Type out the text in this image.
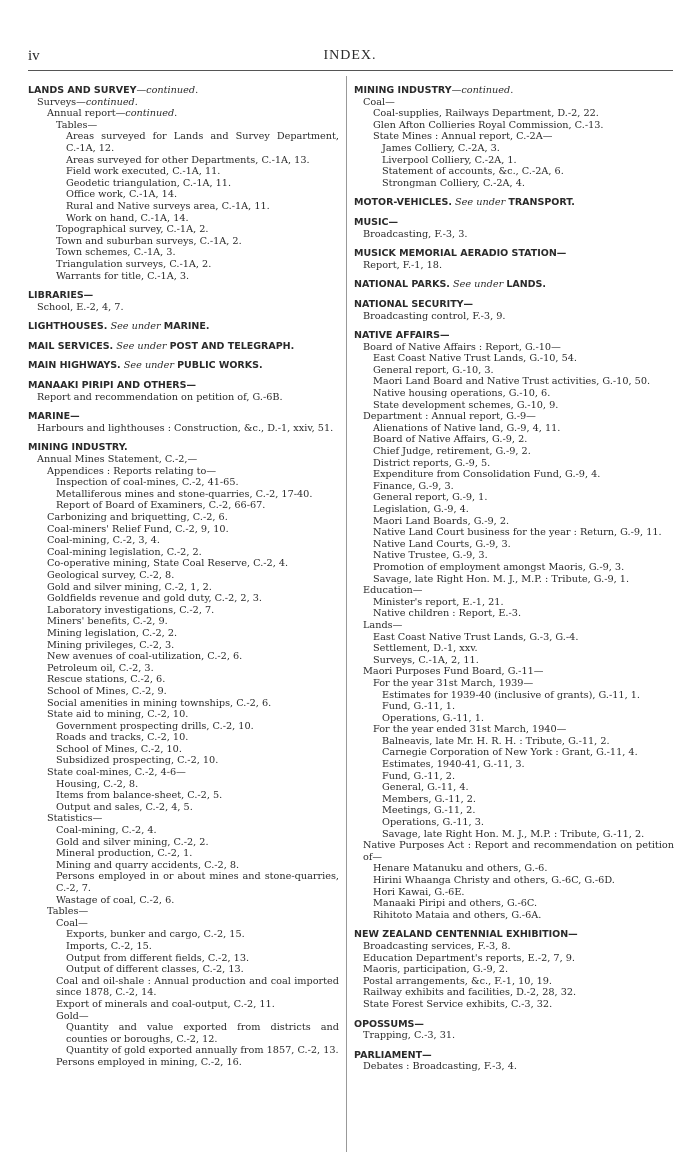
iv	INDEX.
LANDS AND SURVEY—continued.
Surveys—continued.
Annual report—continued.
Tables—
Areas surveyed for Lands and Survey Department, C.-1A, 12.
Areas surveyed for other Departments, C.-1A, 13.
Field work executed, C.-1A, 11.
Geodetic triangulation, C.-1A, 11.
Office work, C.-1A, 14.
Rural and Native surveys area, C.-1A, 11.
Work on hand, C.-1A, 14.
Topographical survey, C.-1A, 2.
Town and suburban surveys, C.-1A, 2.
Town schemes, C.-1A, 3.
Triangulation surveys, C.-1A, 2.
Warrants for title, C.-1A, 3.
LIBRARIES—
School, E.-2, 4, 7.
LIGHTHOUSES. See under MARINE.
MAIL SERVICES. See under POST AND TELEGRAPH.
MAIN HIGHWAYS. See under PUBLIC WORKS.
MANAAKI PIRIPI AND OTHERS—
Report and recommendation on petition of, G.-6B.
MARINE—
Harbours and lighthouses : Construction, &c., D.-1, xxiv, 51.
MINING INDUSTRY.
Annual Mines Statement, C.-2,—
Appendices : Reports relating to—
Inspection of coal-mines, C.-2, 41-65.
Metalliferous mines and stone-quarries, C.-2, 17-40.
Report of Board of Examiners, C.-2, 66-67.
Carbonizing and briquetting, C.-2, 6.
Coal-miners' Relief Fund, C.-2, 9, 10.
Coal-mining, C.-2, 3, 4.
Coal-mining legislation, C.-2, 2.
Co-operative mining, State Coal Reserve, C.-2, 4.
Geological survey, C.-2, 8.
Gold and silver mining, C.-2, 1, 2.
Goldfields revenue and gold duty, C.-2, 2, 3.
Laboratory investigations, C.-2, 7.
Miners' benefits, C.-2, 9.
Mining legislation, C.-2, 2.
Mining privileges, C.-2, 3.
New avenues of coal-utilization, C.-2, 6.
Petroleum oil, C.-2, 3.
Rescue stations, C.-2, 6.
School of Mines, C.-2, 9.
Social amenities in mining townships, C.-2, 6.
State aid to mining, C.-2, 10.
Government prospecting drills, C.-2, 10.
Roads and tracks, C.-2, 10.
School of Mines, C.-2, 10.
Subsidized prospecting, C.-2, 10.
State coal-mines, C.-2, 4-6—
Housing, C.-2, 8.
Items from balance-sheet, C.-2, 5.
Output and sales, C.-2, 4, 5.
Statistics—
Coal-mining, C.-2, 4.
Gold and silver mining, C.-2, 2.
Mineral production, C.-2, 1.
Mining and quarry accidents, C.-2, 8.
Persons employed in or about mines and stone-quarries, C.-2, 7.
Wastage of coal, C.-2, 6.
Tables—
Coal—
Exports, bunker and cargo, C.-2, 15.
Imports, C.-2, 15.
Output from different fields, C.-2, 13.
Output of different classes, C.-2, 13.
Coal and oil-shale : Annual production and coal imported since 1878, C.-2, 14.
Export of minerals and coal-output, C.-2, 11.
Gold—
Quantity and value exported from districts and counties or boroughs, C.-2, 12.
Quantity of gold exported annually from 1857, C.-2, 13.
Persons employed in mining, C.-2, 16.
MINING INDUSTRY—continued.
Coal—
Coal-supplies, Railways Department, D.-2, 22.
Glen Afton Collieries Royal Commission, C.-13.
State Mines : Annual report, C.-2A—
James Colliery, C.-2A, 3.
Liverpool Colliery, C.-2A, 1.
Statement of accounts, &c., C.-2A, 6.
Strongman Colliery, C.-2A, 4.
MOTOR-VEHICLES. See under TRANSPORT.
MUSIC—
Broadcasting, F.-3, 3.
MUSICK MEMORIAL AERADIO STATION—
Report, F.-1, 18.
NATIONAL PARKS. See under LANDS.
NATIONAL SECURITY—
Broadcasting control, F.-3, 9.
NATIVE AFFAIRS—
Board of Native Affairs : Report, G.-10—
East Coast Native Trust Lands, G.-10, 54.
General report, G.-10, 3.
Maori Land Board and Native Trust activities, G.-10, 50.
Native housing operations, G.-10, 6.
State development schemes, G.-10, 9.
Department : Annual report, G.-9—
Alienations of Native land, G.-9, 4, 11.
Board of Native Affairs, G.-9, 2.
Chief Judge, retirement, G.-9, 2.
District reports, G.-9, 5.
Expenditure from Consolidation Fund, G.-9, 4.
Finance, G.-9, 3.
General report, G.-9, 1.
Legislation, G.-9, 4.
Maori Land Boards, G.-9, 2.
Native Land Court business for the year : Return, G.-9, 11.
Native Land Courts, G.-9, 3.
Native Trustee, G.-9, 3.
Promotion of employment amongst Maoris, G.-9, 3.
Savage, late Right Hon. M. J., M.P. : Tribute, G.-9, 1.
Education—
Minister's report, E.-1, 21.
Native children : Report, E.-3.
Lands—
East Coast Native Trust Lands, G.-3, G.-4.
Settlement, D.-1, xxv.
Surveys, C.-1A, 2, 11.
Maori Purposes Fund Board, G.-11—
For the year 31st March, 1939—
Estimates for 1939-40 (inclusive of grants), G.-11, 1.
Fund, G.-11, 1.
Operations, G.-11, 1.
For the year ended 31st March, 1940—
Balneavis, late Mr. H. R. H. : Tribute, G.-11, 2.
Carnegie Corporation of New York : Grant, G.-11, 4.
Estimates, 1940-41, G.-11, 3.
Fund, G.-11, 2.
General, G.-11, 4.
Members, G.-11, 2.
Meetings, G.-11, 2.
Operations, G.-11, 3.
Savage, late Right Hon. M. J., M.P. : Tribute, G.-11, 2.
Native Purposes Act : Report and recommendation on petition of—
Henare Matanuku and others, G.-6.
Hirini Whaanga Christy and others, G.-6C, G.-6D.
Hori Kawai, G.-6E.
Manaaki Piripi and others, G.-6C.
Rihitoto Mataia and others, G.-6A.
NEW ZEALAND CENTENNIAL EXHIBITION—
Broadcasting services, F.-3, 8.
Education Department's reports, E.-2, 7, 9.
Maoris, participation, G.-9, 2.
Postal arrangements, &c., F.-1, 10, 19.
Railway exhibits and facilities, D.-2, 28, 32.
State Forest Service exhibits, C.-3, 32.
OPOSSUMS—
Trapping, C.-3, 31.
PARLIAMENT—
Debates : Broadcasting, F.-3, 4.
